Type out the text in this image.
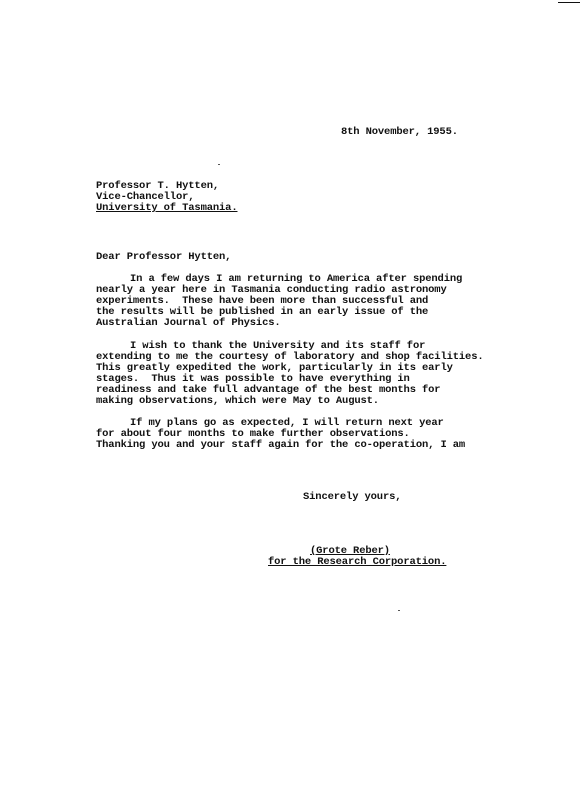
8th November, 1955.
Professor T. Hytten,
Vice-Chancellor,
University of Tasmania.
Dear Professor Hytten,
In a few days I am returning to America after spending
nearly a year here in Tasmania conducting radio astronomy
experiments.  These have been more than successful and
the results will be published in an early issue of the
Australian Journal of Physics.
I wish to thank the University and its staff for
extending to me the courtesy of laboratory and shop facilities.
This greatly expedited the work, particularly in its early
stages.  Thus it was possible to have everything in
readiness and take full advantage of the best months for
making observations, which were May to August.
If my plans go as expected, I will return next year
for about four months to make further observations.
Thanking you and your staff again for the co-operation, I am
Sincerely yours,
(Grote Reber)
for the Research Corporation.
